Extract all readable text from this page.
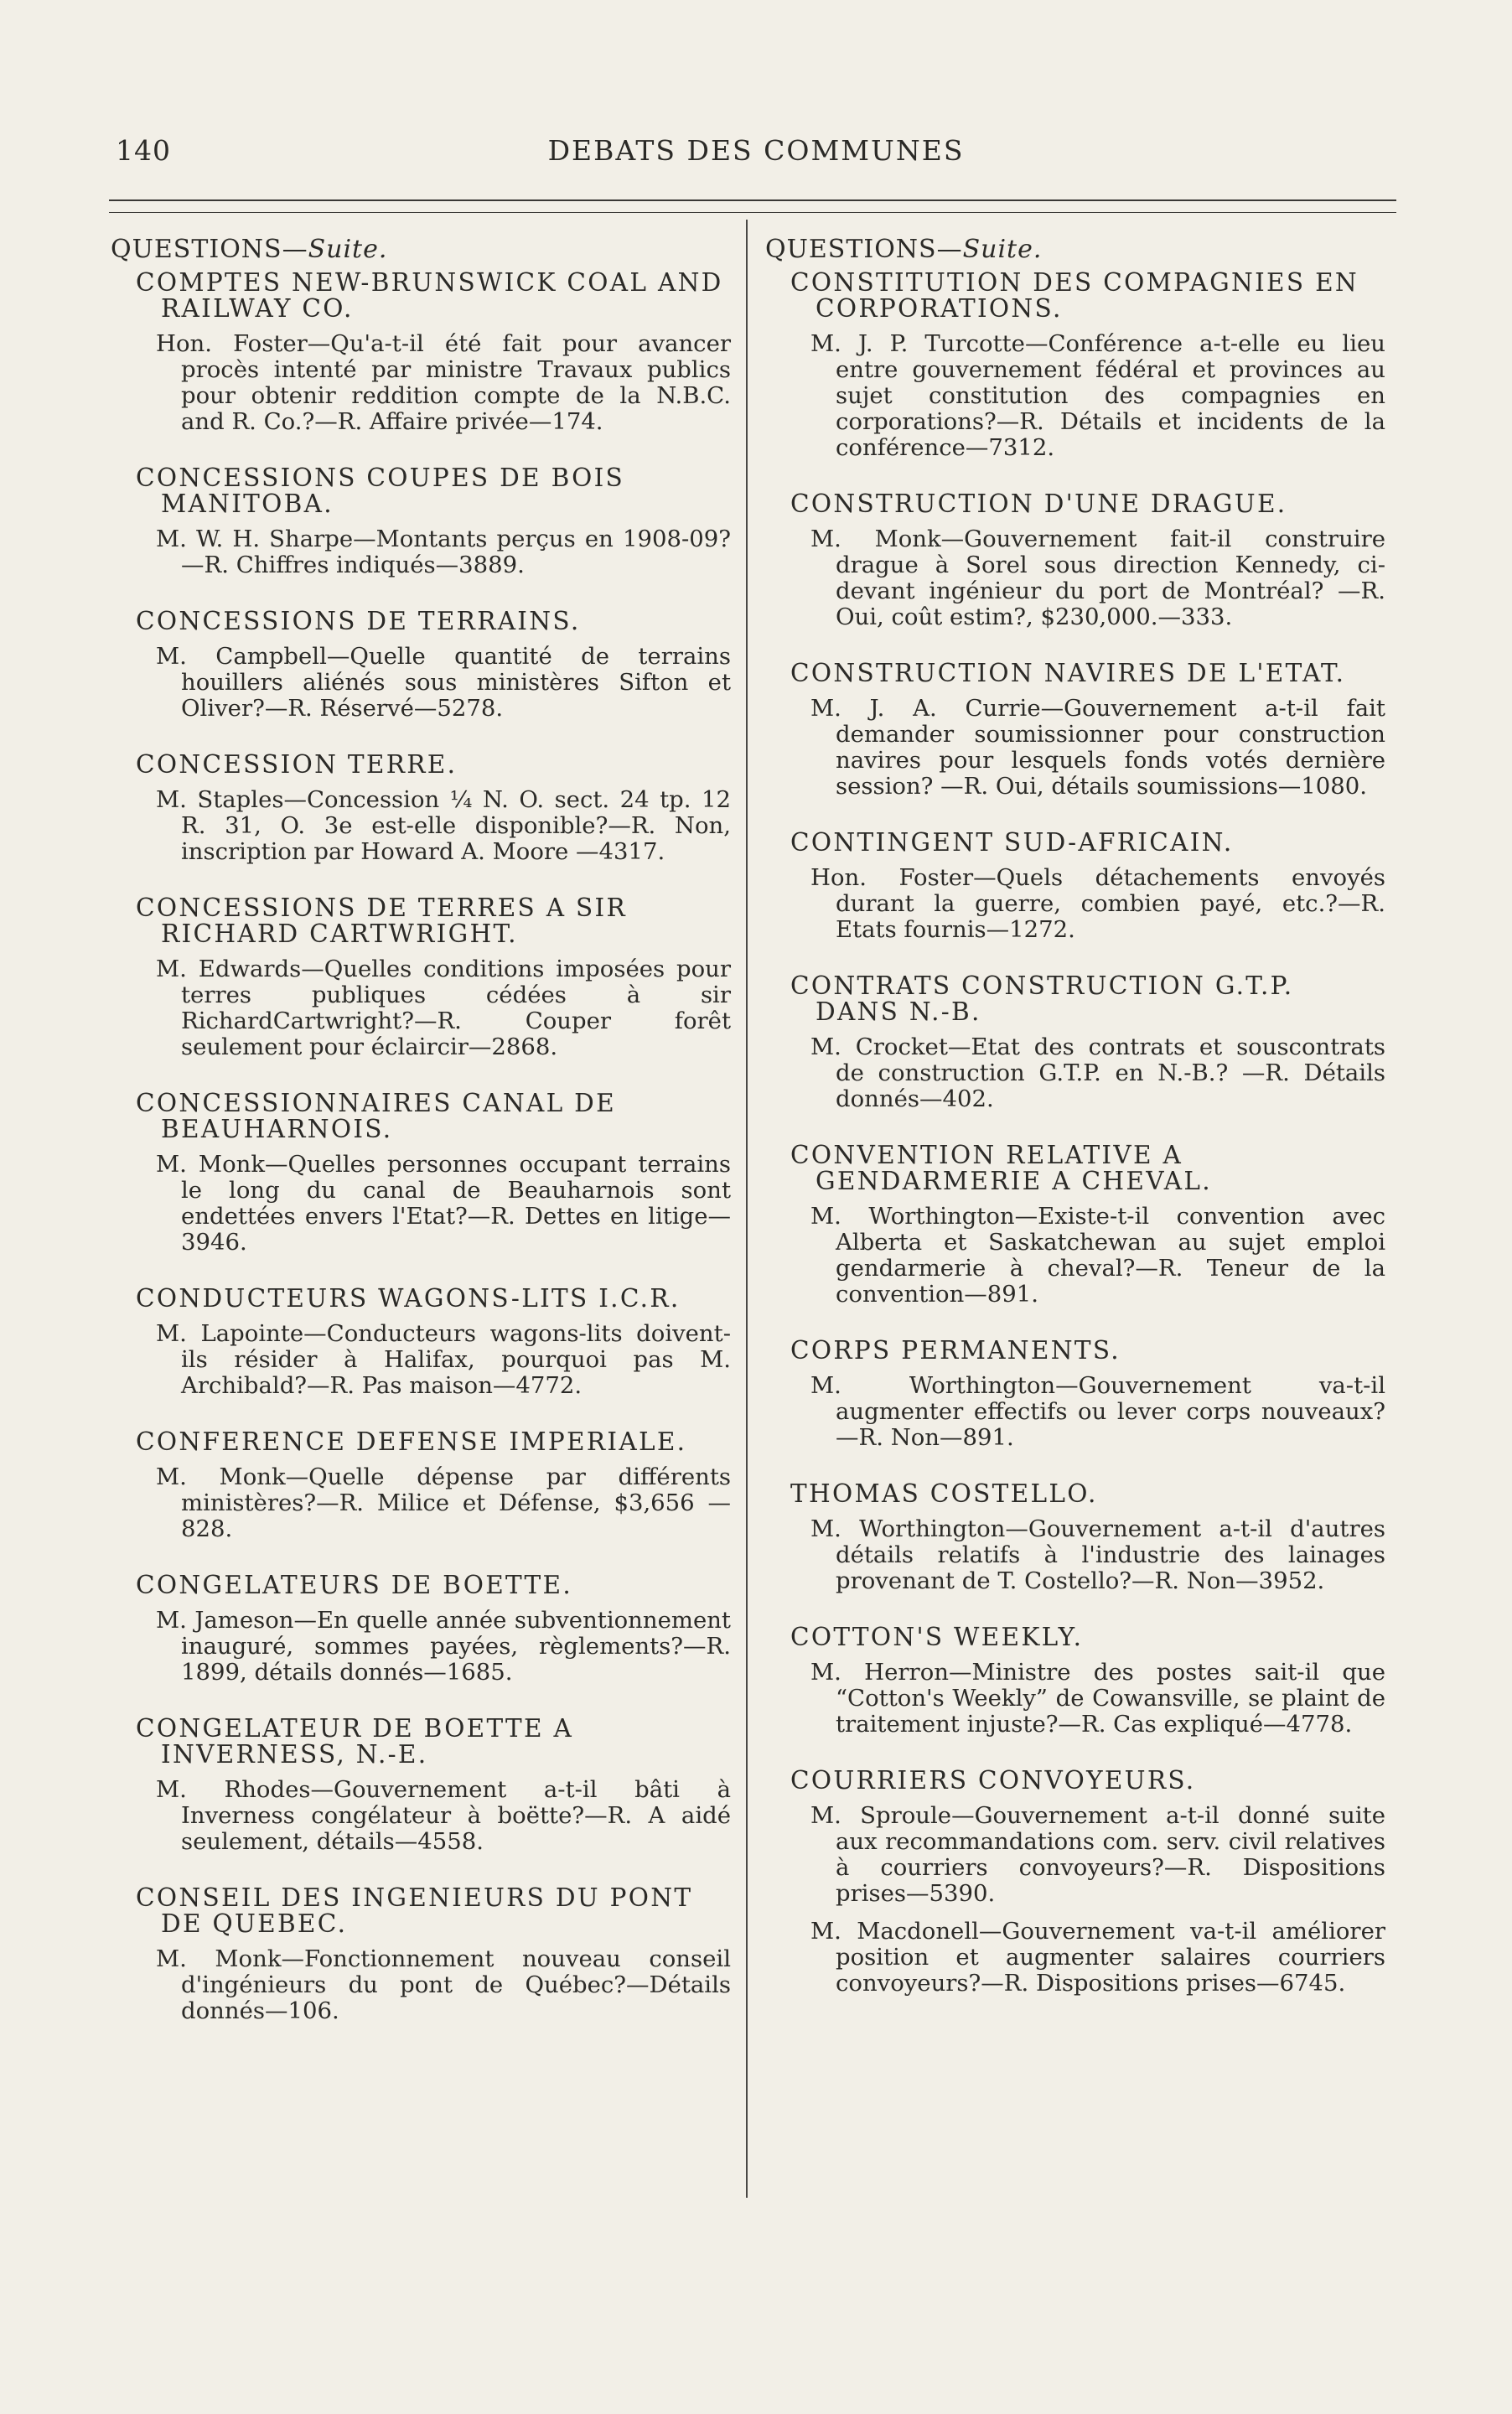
140	DEBATS DES COMMUNES
QUESTIONS—Suite.
COMPTES NEW-BRUNSWICK COAL AND RAILWAY CO.
Hon. Foster—Qu'a-t-il été fait pour avancer procès intenté par ministre Travaux publics pour obtenir reddition compte de la N.B.C. and R. Co.?—R. Affaire privée—174.
CONCESSIONS COUPES DE BOIS MANITOBA.
M. W. H. Sharpe—Montants perçus en 1908-09?—R. Chiffres indiqués—3889.
CONCESSIONS DE TERRAINS.
M. Campbell—Quelle quantité de terrains houillers aliénés sous ministères Sifton et Oliver?—R. Réservé—5278.
CONCESSION TERRE.
M. Staples—Concession ¼ N. O. sect. 24 tp. 12 R. 31, O. 3e est-elle disponible?—R. Non, inscription par Howard A. Moore —4317.
CONCESSIONS DE TERRES A SIR RICHARD CARTWRIGHT.
M. Edwards—Quelles conditions imposées pour terres publiques cédées à sir RichardCartwright?—R. Couper forêt seulement pour éclaircir—2868.
CONCESSIONNAIRES CANAL DE BEAUHARNOIS.
M. Monk—Quelles personnes occupant terrains le long du canal de Beauharnois sont endettées envers l'Etat?—R. Dettes en litige—3946.
CONDUCTEURS WAGONS-LITS I.C.R.
M. Lapointe—Conducteurs wagons-lits doivent-ils résider à Halifax, pourquoi pas M. Archibald?—R. Pas maison—4772.
CONFERENCE DEFENSE IMPERIALE.
M. Monk—Quelle dépense par différents ministères?—R. Milice et Défense, $3,656 —828.
CONGELATEURS DE BOETTE.
M. Jameson—En quelle année subventionnement inauguré, sommes payées, règlements?—R. 1899, détails donnés—1685.
CONGELATEUR DE BOETTE A INVERNESS, N.-E.
M. Rhodes—Gouvernement a-t-il bâti à Inverness congélateur à boëtte?—R. A aidé seulement, détails—4558.
CONSEIL DES INGENIEURS DU PONT DE QUEBEC.
M. Monk—Fonctionnement nouveau conseil d'ingénieurs du pont de Québec?—Détails donnés—106.
QUESTIONS—Suite.
CONSTITUTION DES COMPAGNIES EN CORPORATIONS.
M. J. P. Turcotte—Conférence a-t-elle eu lieu entre gouvernement fédéral et provinces au sujet constitution des compagnies en corporations?—R. Détails et incidents de la conférence—7312.
CONSTRUCTION D'UNE DRAGUE.
M. Monk—Gouvernement fait-il construire drague à Sorel sous direction Kennedy, ci-devant ingénieur du port de Montréal? —R. Oui, coût estim?, $230,000.—333.
CONSTRUCTION NAVIRES DE L'ETAT.
M. J. A. Currie—Gouvernement a-t-il fait demander soumissionner pour construction navires pour lesquels fonds votés dernière session? —R. Oui, détails soumissions—1080.
CONTINGENT SUD-AFRICAIN.
Hon. Foster—Quels détachements envoyés durant la guerre, combien payé, etc.?—R. Etats fournis—1272.
CONTRATS CONSTRUCTION G.T.P. DANS N.-B.
M. Crocket—Etat des contrats et souscontrats de construction G.T.P. en N.-B.? —R. Détails donnés—402.
CONVENTION RELATIVE A GENDARMERIE A CHEVAL.
M. Worthington—Existe-t-il convention avec Alberta et Saskatchewan au sujet emploi gendarmerie à cheval?—R. Teneur de la convention—891.
CORPS PERMANENTS.
M. Worthington—Gouvernement va-t-il augmenter effectifs ou lever corps nouveaux?—R. Non—891.
THOMAS COSTELLO.
M. Worthington—Gouvernement a-t-il d'autres détails relatifs à l'industrie des lainages provenant de T. Costello?—R. Non—3952.
COTTON'S WEEKLY.
M. Herron—Ministre des postes sait-il que “Cotton's Weekly” de Cowansville, se plaint de traitement injuste?—R. Cas expliqué—4778.
COURRIERS CONVOYEURS.
M. Sproule—Gouvernement a-t-il donné suite aux recommandations com. serv. civil relatives à courriers convoyeurs?—R. Dispositions prises—5390.
M. Macdonell—Gouvernement va-t-il améliorer position et augmenter salaires courriers convoyeurs?—R. Dispositions prises—6745.
